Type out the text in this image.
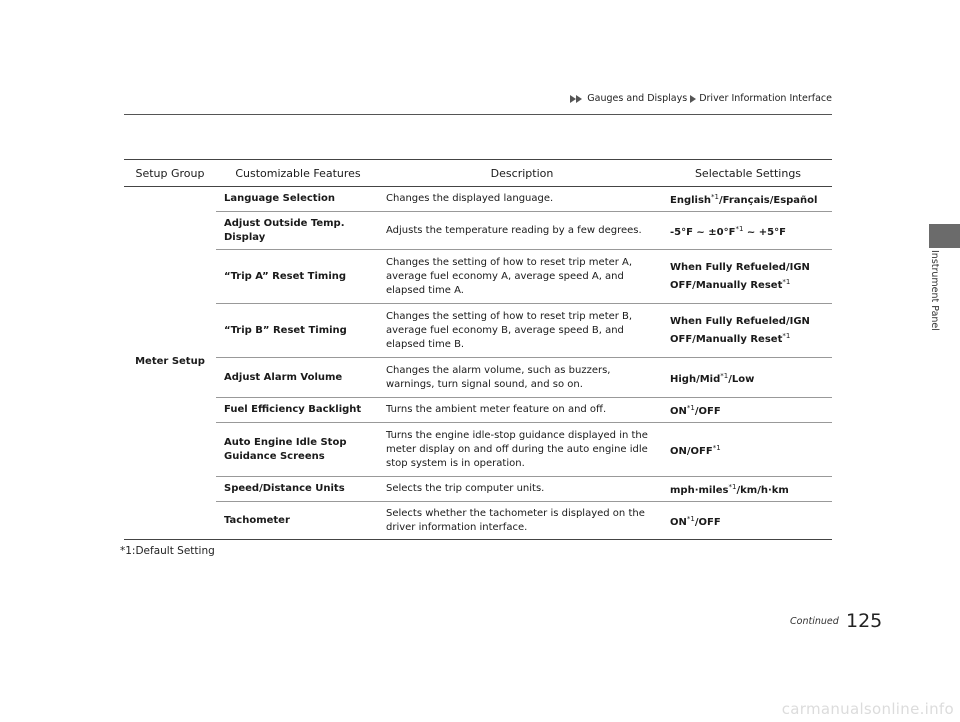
Gauges and Displays Driver Information Interface
Instrument Panel
Setup Group	Customizable Features	Description	Selectable Settings
Meter Setup	Language Selection	Changes the displayed language.	English$^{*1}$/Français/Español
	Adjust Outside Temp. Display	Adjusts the temperature reading by a few degrees.	-5°F ~ $\pm 0^\circ F^{*1}$ ~ +5°F
	“Trip A” Reset Timing	Changes the setting of how to reset trip meter A, average fuel economy A, average speed A, and elapsed time A.	When Fully Refueled/IGN OFF/Manually Reset$^{*1}$
	“Trip B” Reset Timing	Changes the setting of how to reset trip meter B, average fuel economy B, average speed B, and elapsed time B.	When Fully Refueled/IGN OFF/Manually Reset$^{*1}$
	Adjust Alarm Volume	Changes the alarm volume, such as buzzers, warnings, turn signal sound, and so on.	High/Mid$^{*1}$/Low
	Fuel Efficiency Backlight	Turns the ambient meter feature on and off.	ON$^{*1}$/OFF
	Auto Engine Idle Stop Guidance Screens	Turns the engine idle-stop guidance displayed in the meter display on and off during the auto engine idle stop system is in operation.	ON/OFF$^{*1}$
	Speed/Distance Units	Selects the trip computer units.	mph·miles$^{*1}$/km/h·km
	Tachometer	Selects whether the tachometer is displayed on the driver information interface.	ON$^{*1}$/OFF
*1:Default Setting
Continued 125
carmanualsonline.info
